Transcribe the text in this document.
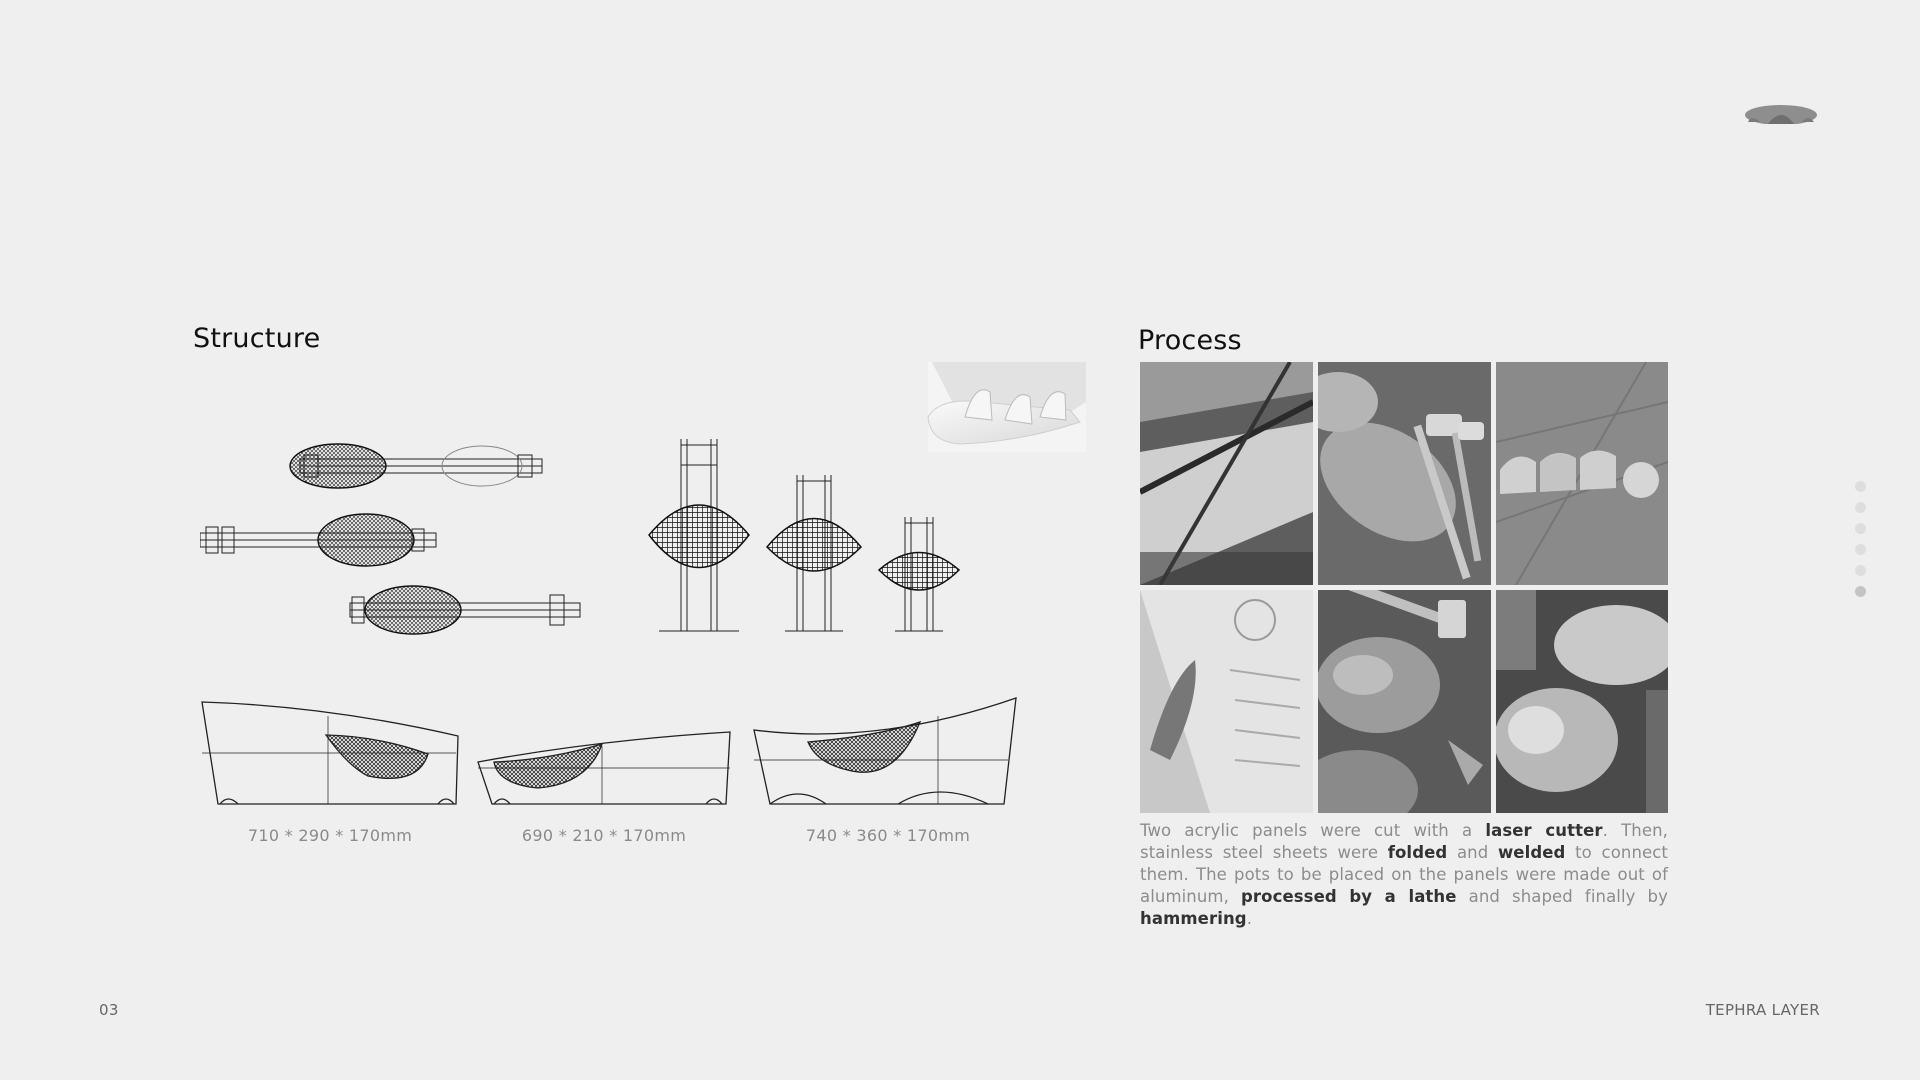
Structure
710 * 290 * 170mm	690 * 210 * 170mm	740 * 360 * 170mm
Process
Two acrylic panels were cut with a laser cutter. Then, stainless steel sheets were folded and welded to connect them. The pots to be placed on the panels were made out of aluminum, processed by a lathe and shaped finally by hammering.
03	TEPHRA LAYER
